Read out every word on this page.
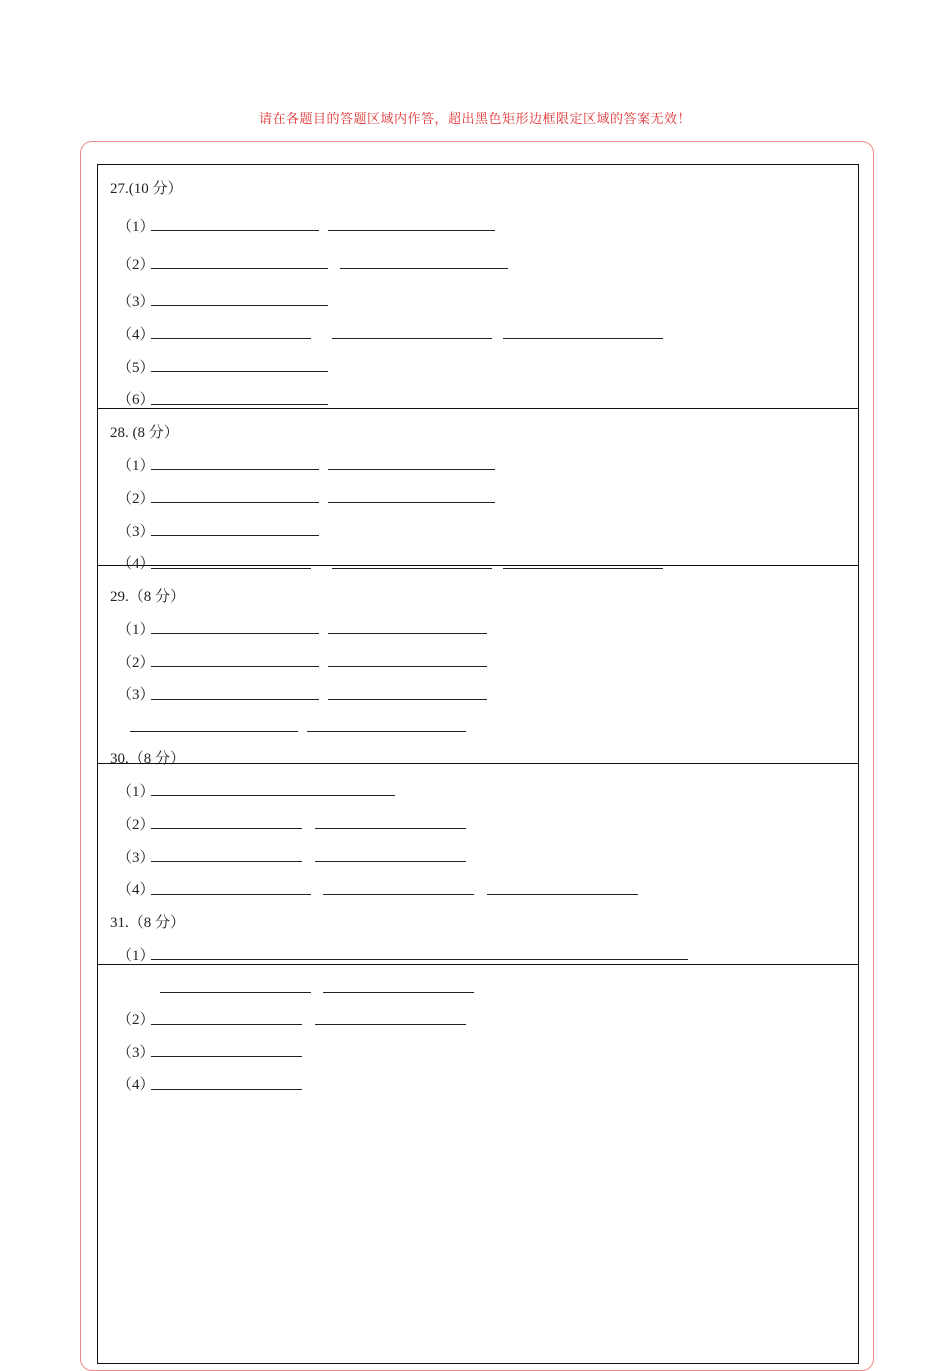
请在各题目的答题区域内作答，超出黑色矩形边框限定区域的答案无效！
27.(10 分）
（1）
（2）
（3）
（4）
（5）
（6）
28. (8 分）
（1）
（2）
（3）
（4）
29.（8 分）
（1）
（2）
（3）
30.（8 分）
（1）
（2）
（3）
（4）
31.（8 分）
（1）
（2）
（3）
（4）
